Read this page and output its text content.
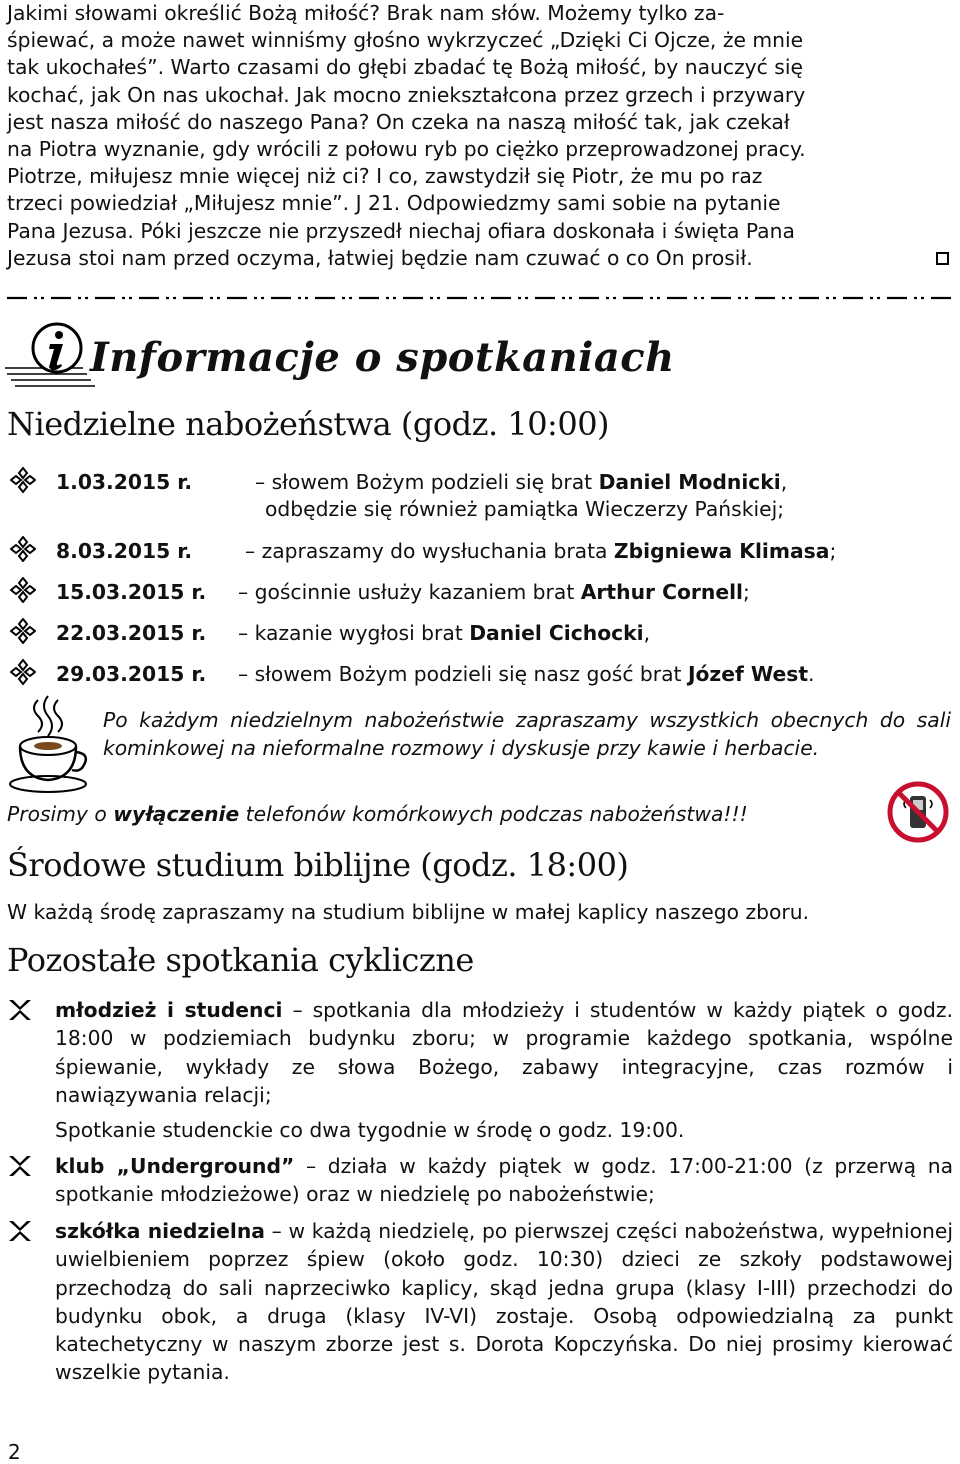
Jakimi słowami określić Bożą miłość? Brak nam słów. Możemy tylko za-
śpiewać, a może nawet winniśmy głośno wykrzyczeć „Dzięki Ci Ojcze, że mnie
tak ukochałeś”. Warto czasami do głębi zbadać tę Bożą miłość, by nauczyć się
kochać, jak On nas ukochał. Jak mocno zniekształcona przez grzech i przywary
jest nasza miłość do naszego Pana? On czeka na naszą miłość tak, jak czekał
na Piotra wyznanie, gdy wrócili z połowu ryb po ciężko przeprowadzonej pracy.
Piotrze, miłujesz mnie więcej niż ci? I co, zawstydził się Piotr, że mu po raz
trzeci powiedział „Miłujesz mnie”. J 21. Odpowiedzmy sami sobie na pytanie
Pana Jezusa. Póki jeszcze nie przyszedł niechaj ofiara doskonała i święta Pana
Jezusa stoi nam przed oczyma, łatwiej będzie nam czuwać o co On prosił.
Informacje o spotkaniach
Niedzielne nabożeństwa (godz. 10:00)
1.03.2015 r.	– słowem Bożym podzieli się brat Daniel Modnicki,
odbędzie się również pamiątka Wieczerzy Pańskiej;
8.03.2015 r.	– zapraszamy do wysłuchania brata Zbigniewa Klimasa;
15.03.2015 r. – gościnnie usłuży kazaniem brat Arthur Cornell;
22.03.2015 r. – kazanie wygłosi brat Daniel Cichocki,
29.03.2015 r. – słowem Bożym podzieli się nasz gość brat Józef West.

Po każdym niedzielnym nabożeństwie zapraszamy wszystkich obecnych do sali kominkowej na nieformalne rozmowy i dyskusje przy kawie i herbacie.

Prosimy o wyłączenie telefonów komórkowych podczas nabożeństwa!!!
Środowe studium biblijne (godz. 18:00)
W każdą środę zapraszamy na studium biblijne w małej kaplicy naszego zboru.
Pozostałe spotkania cykliczne
młodzież i studenci – spotkania dla młodzieży i studentów w każdy piątek o godz. 18:00 w podziemiach budynku zboru; w programie każdego spotkania, wspólne śpiewanie, wykłady ze słowa Bożego, zabawy integracyjne, czas rozmów i nawiązywania relacji;
Spotkanie studenckie co dwa tygodnie w środę o godz. 19:00.
klub „Underground” – działa w każdy piątek w godz. 17:00-21:00 (z przerwą na spotkanie młodzieżowe) oraz w niedzielę po nabożeństwie;
szkółka niedzielna – w każdą niedzielę, po pierwszej części nabożeństwa, wypełnionej uwielbieniem poprzez śpiew (około godz. 10:30) dzieci ze szkoły podstawowej przechodzą do sali naprzeciwko kaplicy, skąd jedna grupa (klasy I-III) przechodzi do budynku obok, a druga (klasy IV-VI) zostaje. Osobą odpowiedzialną za punkt katechetyczny w naszym zborze jest s. Dorota Kopczyńska. Do niej prosimy kierować wszelkie pytania.
2
